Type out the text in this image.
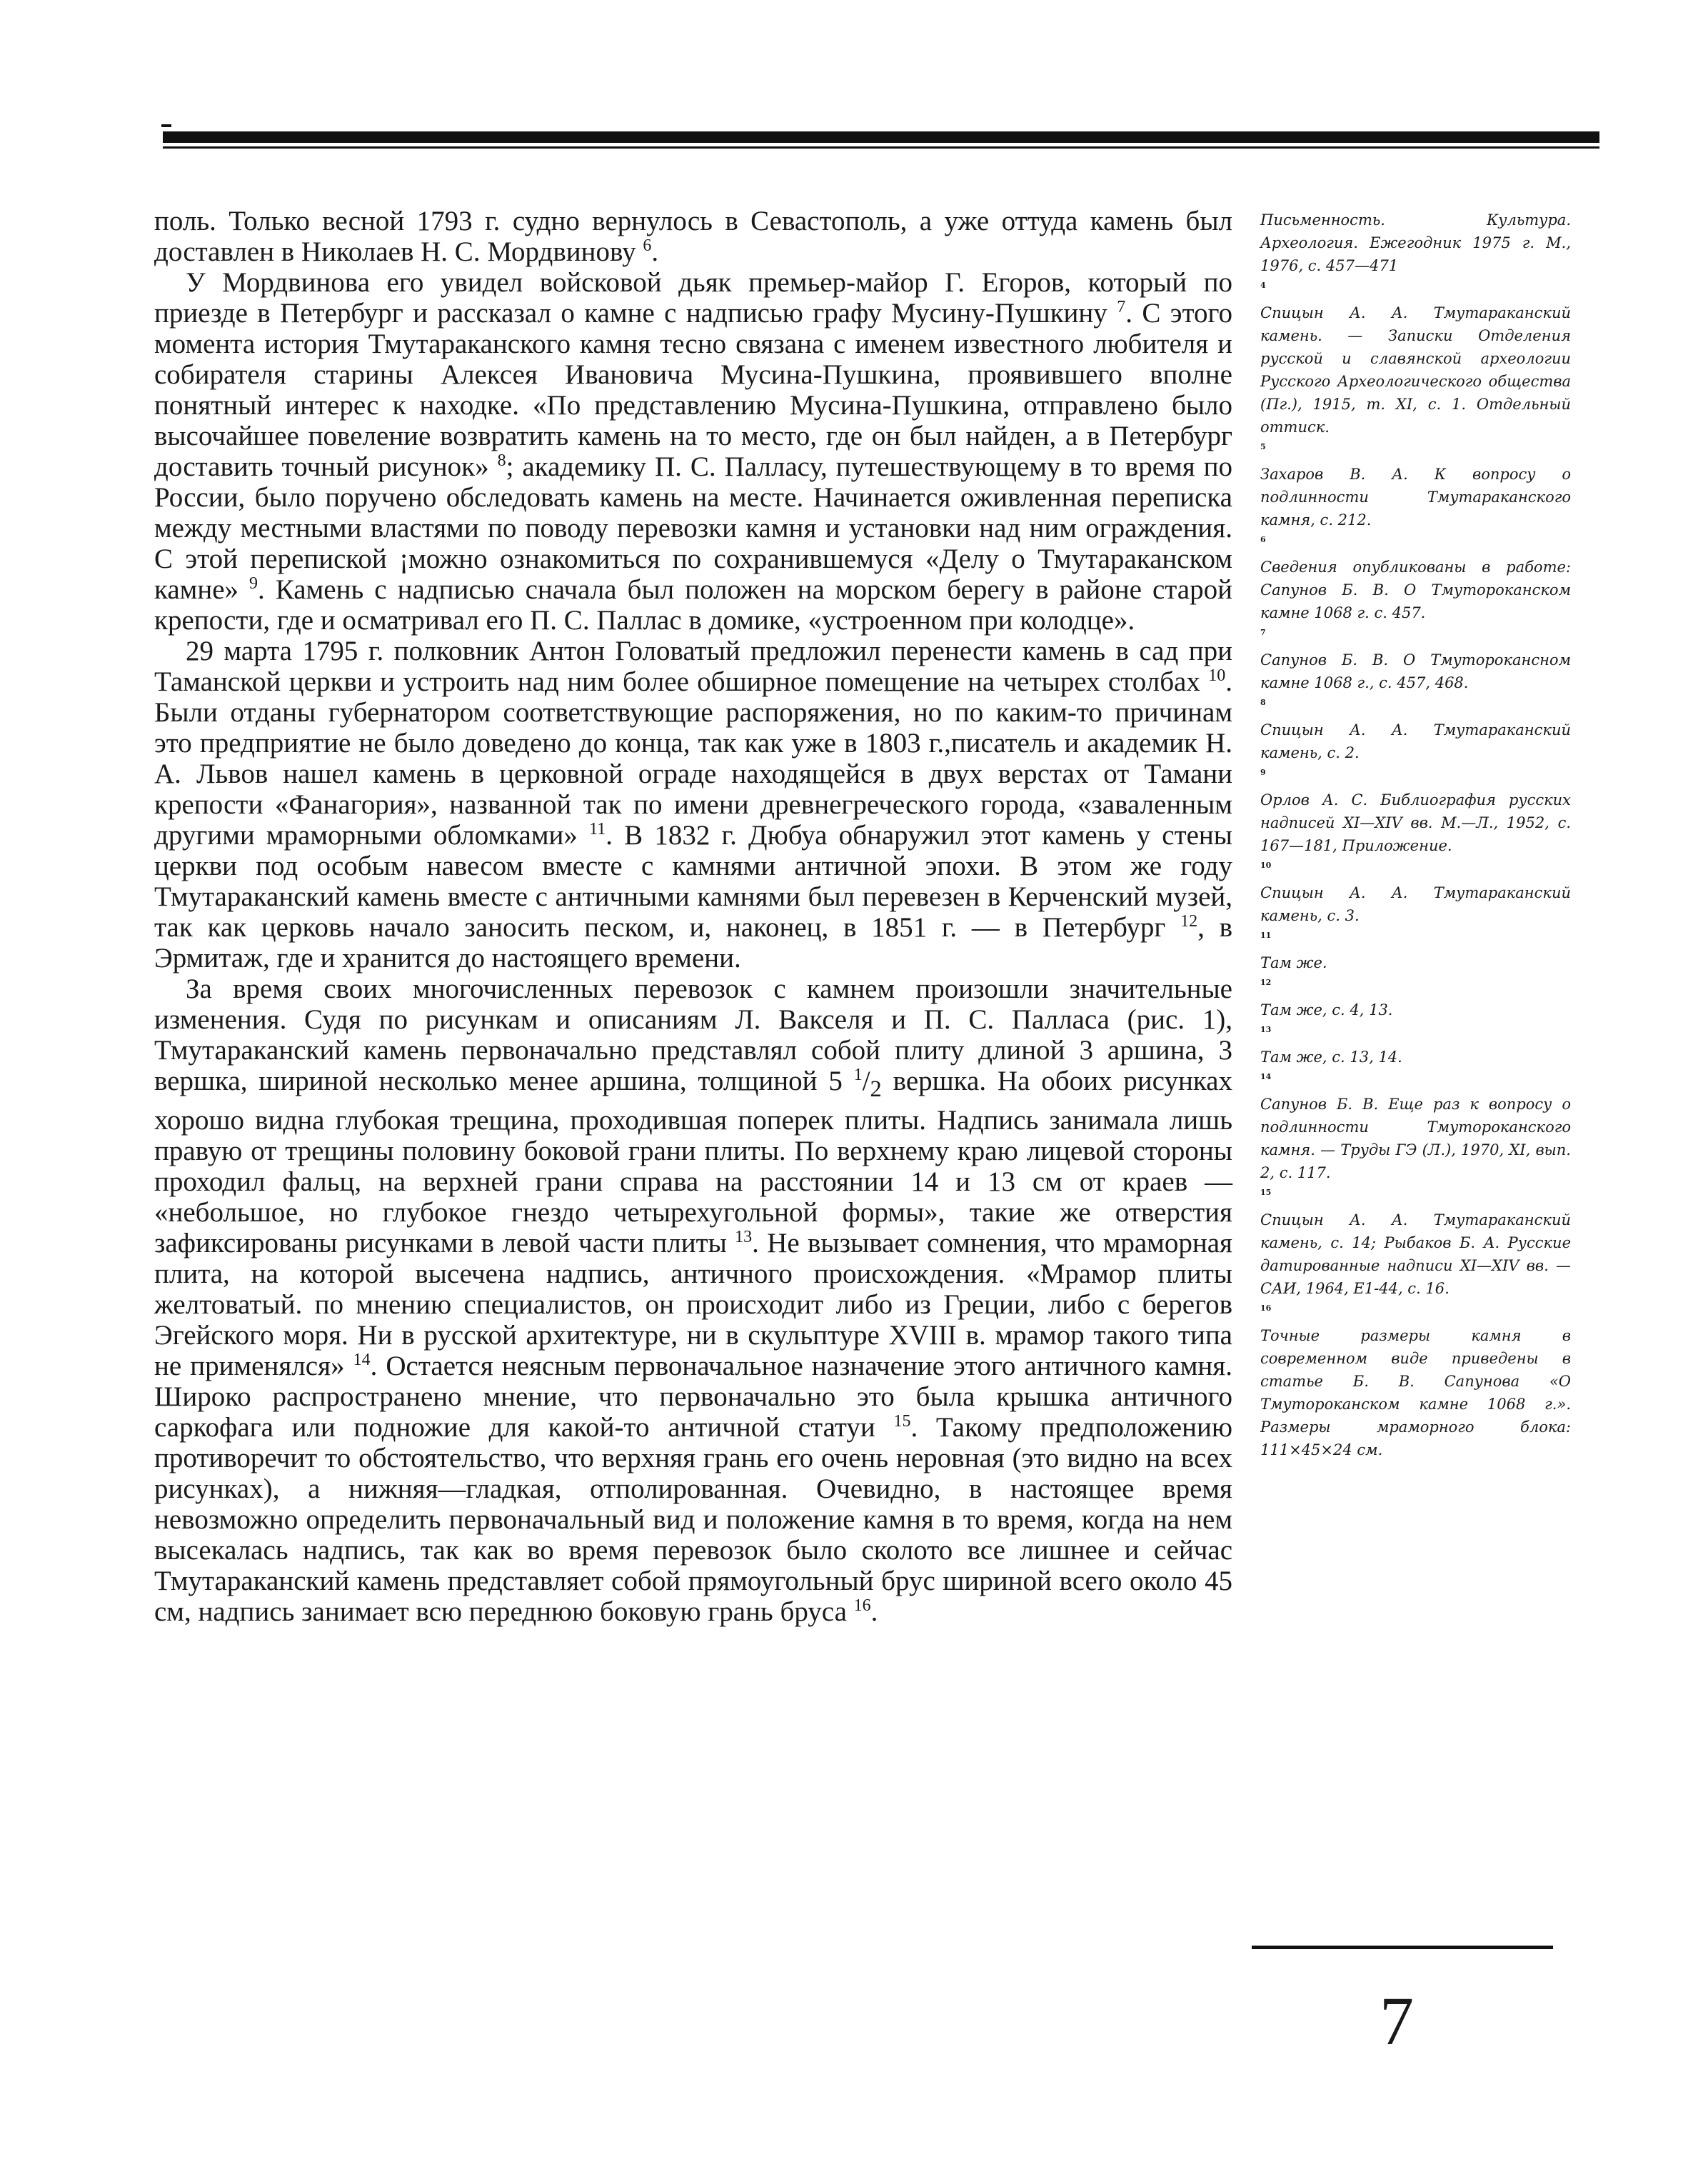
поль. Только весной 1793 г. судно вернулось в Севастополь, а уже оттуда камень был доставлен в Николаев Н. С. Мордвинову $^6$.

У Мордвинова его увидел войсковой дьяк премьер-майор Г. Егоров, который по приезде в Петербург и рассказал о камне с надписью графу Мусину-Пушкину $^7$. С этого момента история Тмутараканского камня тесно связана с именем известного любителя и собирателя старины Алексея Ивановича Мусина-Пушкина, проявившего вполне понятный интерес к находке. «По представлению Мусина-Пушкина, отправлено было высочайшее повеление возвратить камень на то место, где он был найден, а в Петербург доставить точный рисунок» $^8$; академику П. С. Палласу, путешествующему в то время по России, было поручено обследовать камень на месте. Начинается оживленная переписка между местными властями по поводу перевозки камня и установки над ним ограждения. С этой перепиской ¡можно ознакомиться по сохранившемуся «Делу о Тмутараканском камне» $^9$. Камень с надписью сначала был положен на морском берегу в районе старой крепости, где и осматривал его П. С. Паллас в домике, «устроенном при колодце».

29 марта 1795 г. полковник Антон Головатый предложил перенести камень в сад при Таманской церкви и устроить над ним более обширное помещение на четырех столбах $^{10}$. Были отданы губернатором соответствующие распоряжения, но по каким-то причинам это предприятие не было доведено до конца, так как уже в 1803 г.,писатель и академик Н. А. Львов нашел камень в церковной ограде находящейся в двух верстах от Тамани крепости «Фанагория», названной так по имени древнегреческого города, «заваленным другими мраморными обломками» $^{11}$. В 1832 г. Дюбуа обнаружил этот камень у стены церкви под особым навесом вместе с камнями античной эпохи. В этом же году Тмутараканский камень вместе с античными камнями был перевезен в Керченский музей, так как церковь начало заносить песком, и, наконец, в 1851 г. — в Петербург $^{12}$, в Эрмитаж, где и хранится до настоящего времени.

За время своих многочисленных перевозок с камнем произошли значительные изменения. Судя по рисункам и описаниям Л. Ваксeля и П. С. Палласа (рис. 1), Тмутараканский камень первоначально представлял собой плиту длиной 3 аршина, 3 вершка, шириной несколько менее аршина, толщиной 5 $^1/_2$ вершка. На обоих рисунках хорошо видна глубокая трещина, проходившая поперек плиты. Надпись занимала лишь правую от трещины половину боковой грани плиты. По верхнему краю лицевой стороны проходил фальц, на верхней грани справа на расстоянии 14 и 13 см от краев — «небольшое, но глубокое гнездо четырехугольной формы», такие же отверстия зафиксированы рисунками в левой части плиты $^{13}$. Не вызывает сомнения, что мраморная плита, на которой высечена надпись, античного происхождения. «Мрамор плиты желтоватый. по мнению специалистов, он происходит либо из Греции, либо с берегов Эгейского моря. Ни в русской архитектуре, ни в скульптуре XVIII в. мрамор такого типа не применялся» $^{14}$. Остается неясным первоначальное назначение этого античного камня. Широко распространено мнение, что первоначально это была крышка античного саркофага или подножие для какой-то античной статуи $^{15}$. Такому предположению противоречит то обстоятельство, что верхняя грань его очень неровная (это видно на всех рисунках), а нижняя—гладкая, отполированная. Очевидно, в настоящее время невозможно определить первоначальный вид и положение камня в то время, когда на нем высекалась надпись, так как во время перевозок было сколото все лишнее и сейчас Тмутараканский камень представляет собой прямоугольный брус шириной всего около 45 см, надпись занимает всю переднюю боковую грань бруса $^{16}$.

Письменность. Культура. Археология. Ежегодник 1975 г. М., 1976, с. 457—471
4
Спицын А. А. Тмутараканский камень. — Записки Отделения русской и славянской археологии Русского Археологического общества (Пг.), 1915, т. XI, с. 1. Отдельный оттиск.
5
Захаров В. А. К вопросу о подлинности Тмутараканского камня, с. 212.
6
Сведения опубликованы в работе: Сапунов Б. В. О Тмутороканском камне 1068 г. с. 457.
7
Сапунов Б. В. О Тмуторокансном камне 1068 г., с. 457, 468.
8
Спицын А. А. Тмутараканский камень, с. 2.
9
Орлов А. С. Библиография русских надписей XI—XIV вв. М.—Л., 1952, с. 167—181, Приложение.
10
Спицын А. А. Тмутараканский камень, с. 3.
11
Там же.
12
Там же, с. 4, 13.
13
Там же, с. 13, 14.
14
Сапунов Б. В. Еще раз к вопросу о подлинности Тмутороканского камня. — Труды ГЭ (Л.), 1970, XI, вып. 2, с. 117.
15
Спицын А. А. Тмутараканский камень, с. 14; Рыбаков Б. А. Русские датированные надписи XI—XIV вв. — САИ, 1964, Е1-44, с. 16.
16
Точные размеры камня в современном виде приведены в статье Б. В. Сапунова «О Тмутороканском камне 1068 г.». Размеры мраморного блока: 111×45×24 см.
7
